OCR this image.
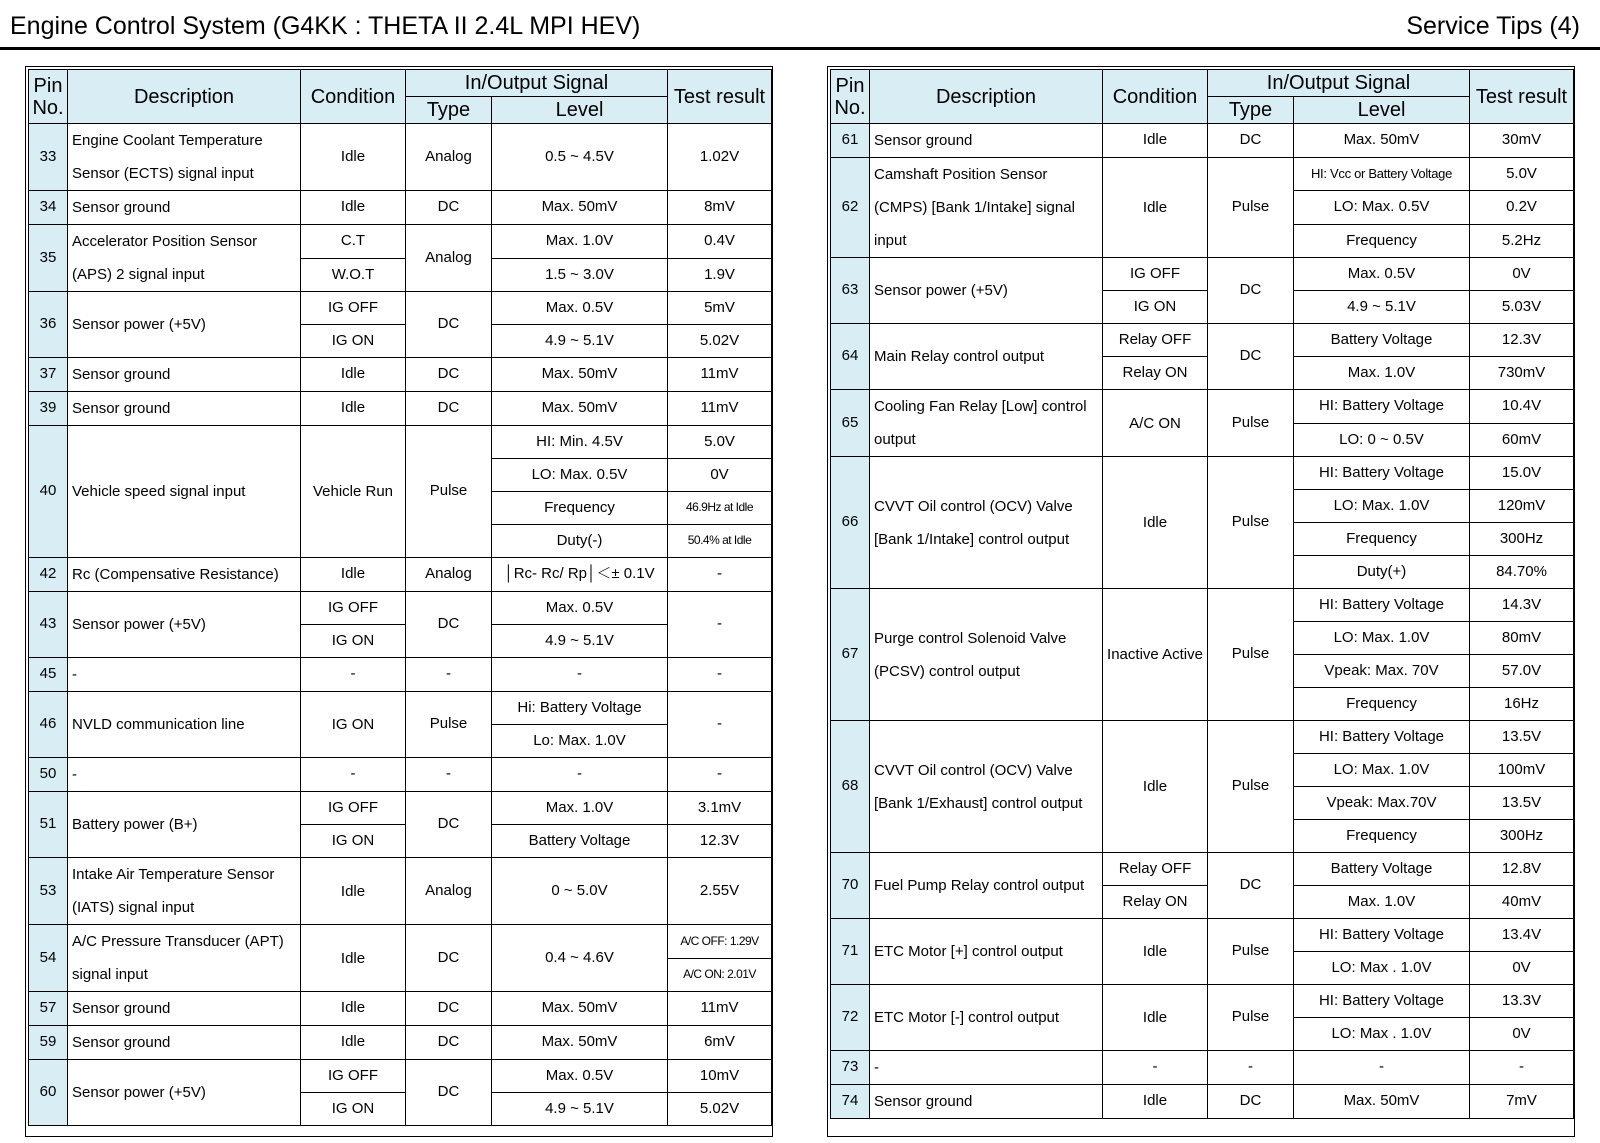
Engine Control System (G4KK : THETA II 2.4L MPI HEV)	Service Tips (4)
Pin No.	Description	Condition	In/Output Signal		Test result
			Type	Level	
33	Engine Coolant Temperature Sensor (ECTS) signal input	Idle	Analog	0.5 ~ 4.5V	1.02V
34	Sensor ground	Idle	DC	Max. 50mV	8mV
35	Accelerator Position Sensor (APS) 2 signal input	C.T	Analog	Max. 1.0V	0.4V
		W.O.T		1.5 ~ 3.0V	1.9V
36	Sensor power (+5V)	IG OFF	DC	Max. 0.5V	5mV
		IG ON		4.9 ~ 5.1V	5.02V
37	Sensor ground	Idle	DC	Max. 50mV	11mV
39	Sensor ground	Idle	DC	Max. 50mV	11mV
40	Vehicle speed signal input	Vehicle Run	Pulse	HI: Min. 4.5V	5.0V
				LO: Max. 0.5V	0V
				Frequency	46.9Hz at Idle
				Duty(-)	50.4% at Idle
42	Rc (Compensative Resistance)	Idle	Analog	│Rc- Rc/ Rp│＜± 0.1V	-
43	Sensor power (+5V)	IG OFF	DC	Max. 0.5V	-
		IG ON		4.9 ~ 5.1V	
45	-	-	-	-	-
46	NVLD communication line	IG ON	Pulse	Hi: Battery Voltage	-
				Lo: Max. 1.0V	
50	-	-	-	-	-
51	Battery power (B+)	IG OFF	DC	Max. 1.0V	3.1mV
		IG ON		Battery Voltage	12.3V
53	Intake Air Temperature Sensor (IATS) signal input	Idle	Analog	0 ~ 5.0V	2.55V

54	A/C Pressure Transducer (APT) signal input	Idle	DC	0.4 ~ 4.6V	A/C OFF: 1.29V
					A/C ON: 2.01V
57	Sensor ground	Idle	DC	Max. 50mV	11mV
59	Sensor ground	Idle	DC	Max. 50mV	6mV
60	Sensor power (+5V)	IG OFF	DC	Max. 0.5V	10mV
		IG ON		4.9 ~ 5.1V	5.02V
Pin No.	Description	Condition	In/Output Signal		Test result
			Type	Level	
61	Sensor ground	Idle	DC	Max. 50mV	30mV
62	Camshaft Position Sensor (CMPS) [Bank 1/Intake] signal input	Idle	Pulse	HI: Vcc or Battery Voltage	5.0V
				LO: Max. 0.5V	0.2V
				Frequency	5.2Hz
63	Sensor power (+5V)	IG OFF	DC	Max. 0.5V	0V
		IG ON		4.9 ~ 5.1V	5.03V
64	Main Relay control output	Relay OFF	DC	Battery Voltage	12.3V
		Relay ON		Max. 1.0V	730mV
65	Cooling Fan Relay [Low] control output	A/C ON	Pulse	HI: Battery Voltage	10.4V
				LO: 0 ~ 0.5V	60mV
66	CVVT Oil control (OCV) Valve [Bank 1/Intake] control output	Idle	Pulse	HI: Battery Voltage	15.0V
				LO: Max. 1.0V	120mV
				Frequency	300Hz
				Duty(+)	84.70%
67	Purge control Solenoid Valve (PCSV) control output	Inactive Active	Pulse	HI: Battery Voltage	14.3V
				LO: Max. 1.0V	80mV
				Vpeak: Max. 70V	57.0V
				Frequency	16Hz
68	CVVT Oil control (OCV) Valve [Bank 1/Exhaust] control output	Idle	Pulse	HI: Battery Voltage	13.5V
				LO: Max. 1.0V	100mV
				Vpeak: Max.70V	13.5V
				Frequency	300Hz
70	Fuel Pump Relay control output	Relay OFF	DC	Battery Voltage	12.8V
		Relay ON		Max. 1.0V	40mV
71	ETC Motor [+] control output	Idle	Pulse	HI: Battery Voltage	13.4V
				LO: Max . 1.0V	0V
72	ETC Motor [-] control output	Idle	Pulse	HI: Battery Voltage	13.3V
				LO: Max . 1.0V	0V
73	-	-	-	-	-
74	Sensor ground	Idle	DC	Max. 50mV	7mV
